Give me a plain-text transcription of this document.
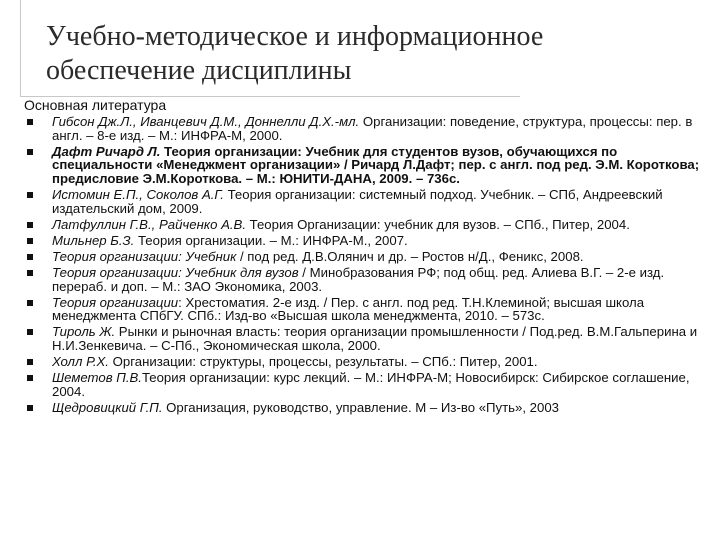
Учебно-методическое и информационное
обеспечение дисциплины
Основная литература
Гибсон Дж.Л., Иванцевич Д.М., Доннелли Д.Х.-мл. Организации: поведение, структура, процессы: пер. в англ. – 8-е изд. – М.: ИНФРА-М, 2000.
Дафт Ричард Л. Теория организации: Учебник для студентов вузов, обучающихся по специальности «Менеджмент организации» / Ричард Л.Дафт; пер. с англ. под ред. Э.М. Короткова; предисловие Э.М.Короткова. – М.: ЮНИТИ-ДАНА, 2009. – 736с.
Истомин Е.П., Соколов А.Г. Теория организации: системный подход. Учебник. – СПб, Андреевский издательский дом, 2009.
Латфуллин Г.В., Райченко А.В. Теория Организации: учебник для вузов. – СПб., Питер, 2004.
Мильнер Б.З. Теория организации. – М.: ИНФРА-М., 2007.
Теория организации: Учебник / под ред. Д.В.Олянич и др. – Ростов н/Д., Феникс, 2008.
Теория организации: Учебник для вузов / Минобразования РФ; под общ. ред. Алиева В.Г. – 2-е изд. перераб. и доп. – М.: ЗАО Экономика, 2003.
Теория организации: Хрестоматия. 2-е изд. / Пер. с англ. под ред. Т.Н.Клеминой; высшая школа менеджмента СПбГУ. СПб.: Изд-во «Высшая школа менеджмента, 2010. – 573с.
Тироль Ж. Рынки и рыночная власть: теория организации промышленности / Под.ред. В.М.Гальперина и Н.И.Зенкевича. – С-Пб., Экономическая школа, 2000.
Холл Р.Х. Организации: структуры, процессы, результаты. – СПб.: Питер, 2001.
Шеметов П.В.Теория организации: курс лекций. – М.: ИНФРА-М; Новосибирск: Сибирское соглашение, 2004.
Щедровицкий Г.П. Организация, руководство, управление. М – Из-во «Путь», 2003
